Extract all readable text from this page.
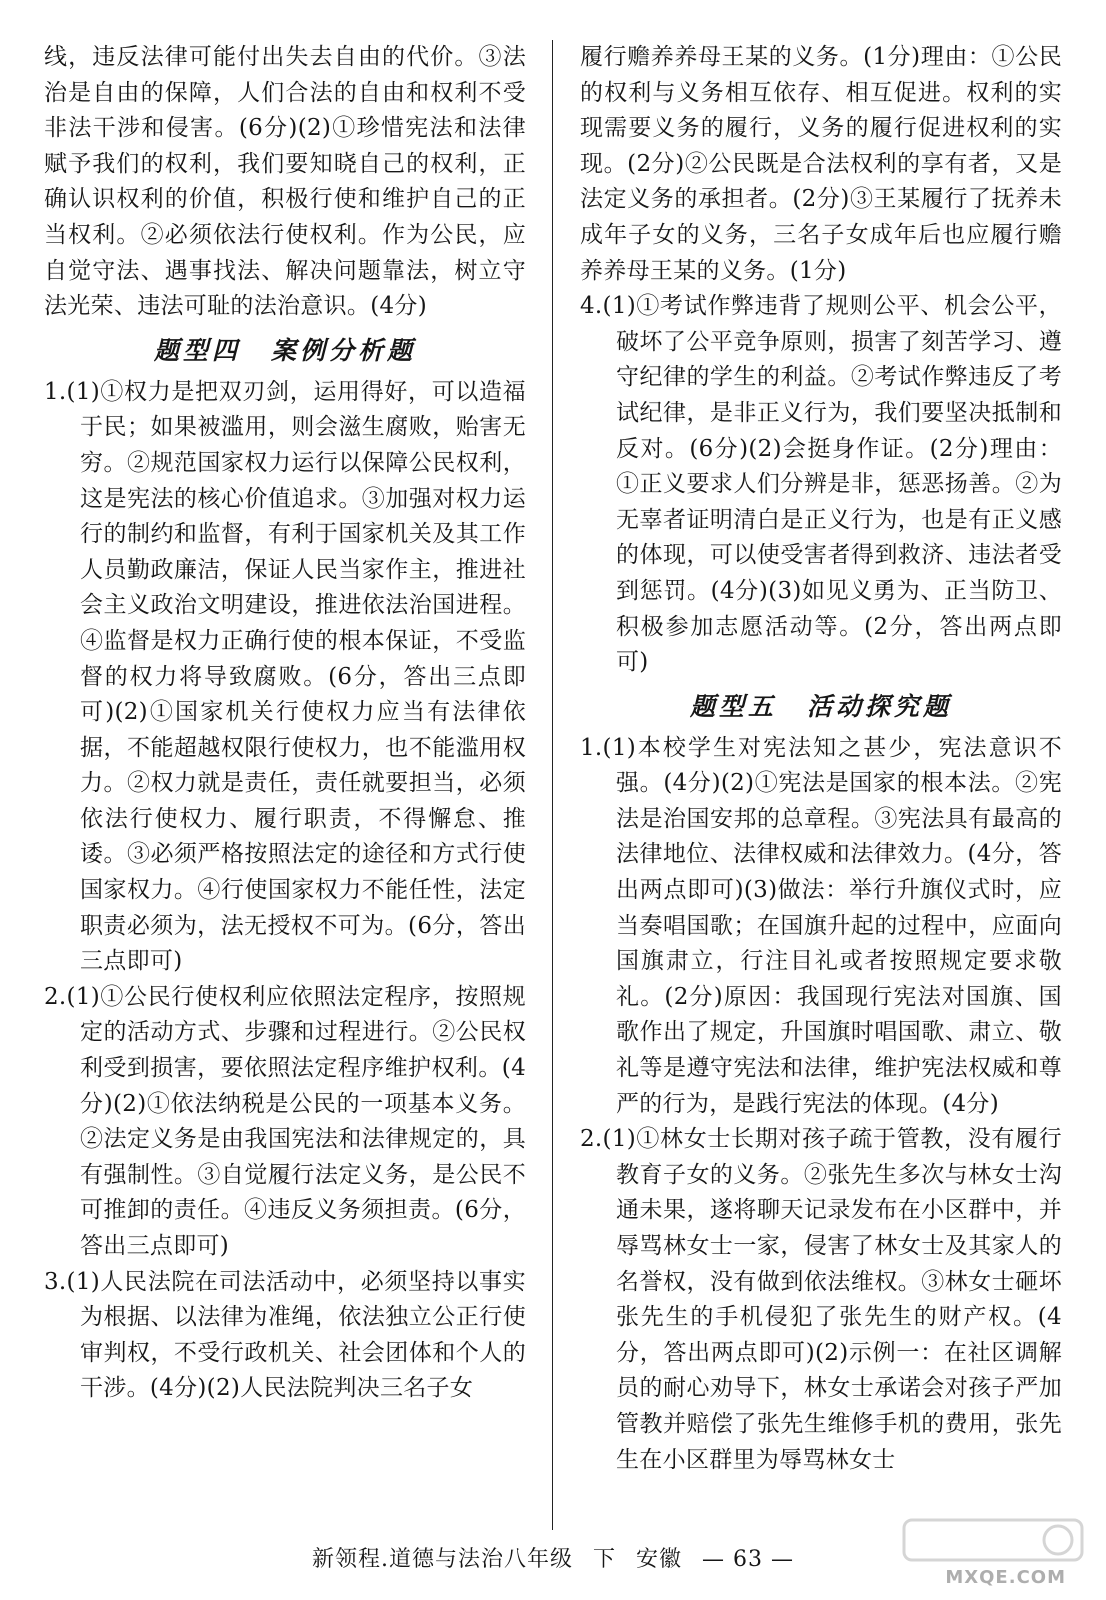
线，违反法律可能付出失去自由的代价。③法治是自由的保障，人们合法的自由和权利不受非法干涉和侵害。(6分)(2)①珍惜宪法和法律赋予我们的权利，我们要知晓自己的权利，正确认识权利的价值，积极行使和维护自己的正当权利。②必须依法行使权利。作为公民，应自觉守法、遇事找法、解决问题靠法，树立守法光荣、违法可耻的法治意识。(4分)

题型四 案例分析题

1.(1)①权力是把双刃剑，运用得好，可以造福于民；如果被滥用，则会滋生腐败，贻害无穷。②规范国家权力运行以保障公民权利，这是宪法的核心价值追求。③加强对权力运行的制约和监督，有利于国家机关及其工作人员勤政廉洁，保证人民当家作主，推进社会主义政治文明建设，推进依法治国进程。④监督是权力正确行使的根本保证，不受监督的权力将导致腐败。(6分，答出三点即可)(2)①国家机关行使权力应当有法律依据，不能超越权限行使权力，也不能滥用权力。②权力就是责任，责任就要担当，必须依法行使权力、履行职责，不得懈怠、推诿。③必须严格按照法定的途径和方式行使国家权力。④行使国家权力不能任性，法定职责必须为，法无授权不可为。(6分，答出三点即可)

2.(1)①公民行使权利应依照法定程序，按照规定的活动方式、步骤和过程进行。②公民权利受到损害，要依照法定程序维护权利。(4分)(2)①依法纳税是公民的一项基本义务。②法定义务是由我国宪法和法律规定的，具有强制性。③自觉履行法定义务，是公民不可推卸的责任。④违反义务须担责。(6分，答出三点即可)

3.(1)人民法院在司法活动中，必须坚持以事实为根据、以法律为准绳，依法独立公正行使审判权，不受行政机关、社会团体和个人的干涉。(4分)(2)人民法院判决三名子女

履行赡养养母王某的义务。(1分)理由：①公民的权利与义务相互依存、相互促进。权利的实现需要义务的履行，义务的履行促进权利的实现。(2分)②公民既是合法权利的享有者，又是法定义务的承担者。(2分)③王某履行了抚养未成年子女的义务，三名子女成年后也应履行赡养养母王某的义务。(1分)

4.(1)①考试作弊违背了规则公平、机会公平，破坏了公平竞争原则，损害了刻苦学习、遵守纪律的学生的利益。②考试作弊违反了考试纪律，是非正义行为，我们要坚决抵制和反对。(6分)(2)会挺身作证。(2分)理由：①正义要求人们分辨是非，惩恶扬善。②为无辜者证明清白是正义行为，也是有正义感的体现，可以使受害者得到救济、违法者受到惩罚。(4分)(3)如见义勇为、正当防卫、积极参加志愿活动等。(2分，答出两点即可)

题型五 活动探究题

1.(1)本校学生对宪法知之甚少，宪法意识不强。(4分)(2)①宪法是国家的根本法。②宪法是治国安邦的总章程。③宪法具有最高的法律地位、法律权威和法律效力。(4分，答出两点即可)(3)做法：举行升旗仪式时，应当奏唱国歌；在国旗升起的过程中，应面向国旗肃立，行注目礼或者按照规定要求敬礼。(2分)原因：我国现行宪法对国旗、国歌作出了规定，升国旗时唱国歌、肃立、敬礼等是遵守宪法和法律，维护宪法权威和尊严的行为，是践行宪法的体现。(4分)

2.(1)①林女士长期对孩子疏于管教，没有履行教育子女的义务。②张先生多次与林女士沟通未果，遂将聊天记录发布在小区群中，并辱骂林女士一家，侵害了林女士及其家人的名誉权，没有做到依法维权。③林女士砸坏张先生的手机侵犯了张先生的财产权。(4分，答出两点即可)(2)示例一：在社区调解员的耐心劝导下，林女士承诺会对孩子严加管教并赔偿了张先生维修手机的费用，张先生在小区群里为辱骂林女士

新领程.道德与法治八年级 下 安徽 — 63 —
MXQE.COM
